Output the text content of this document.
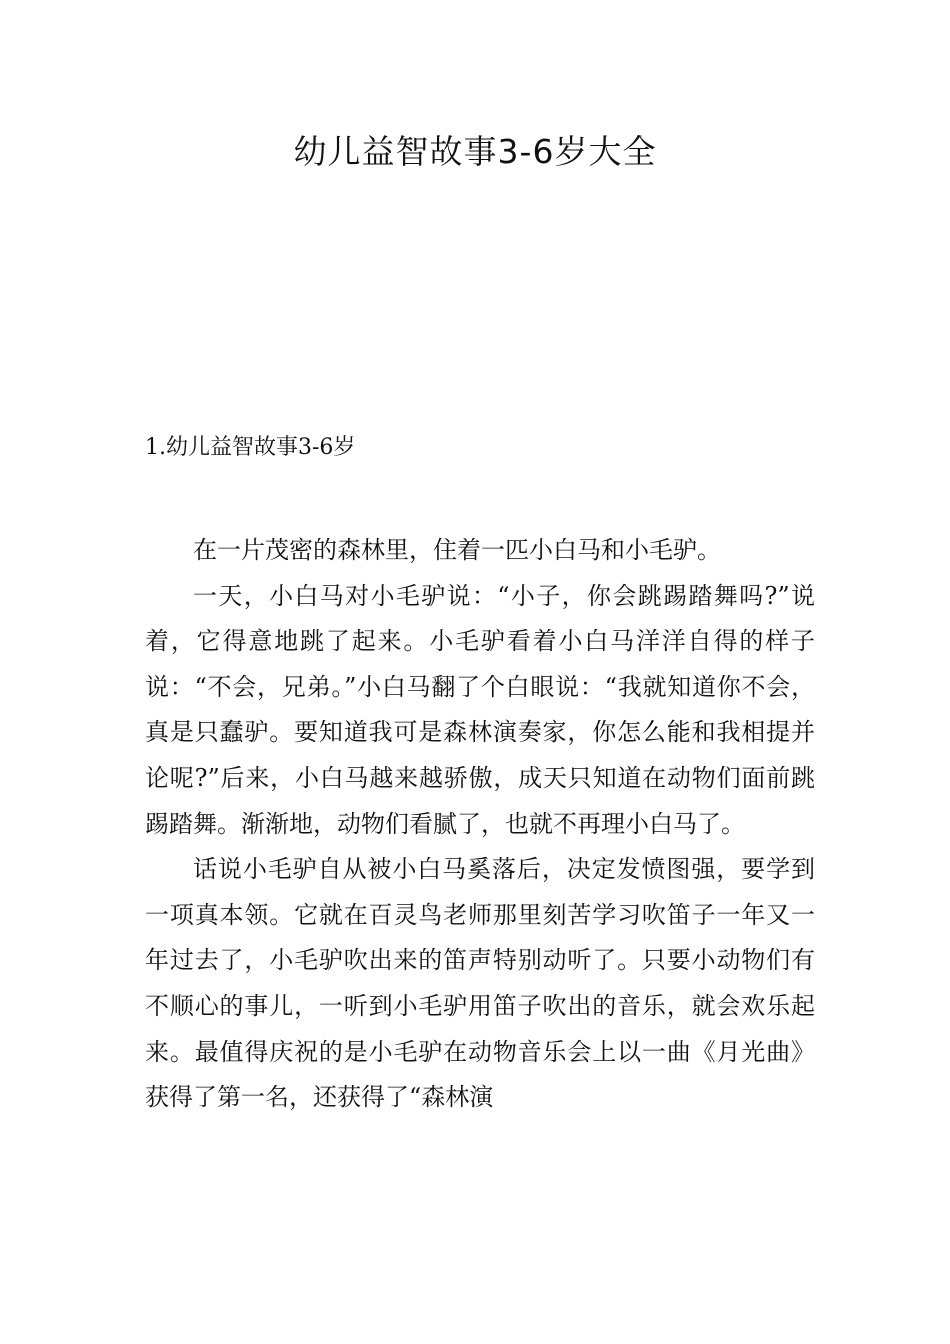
幼儿益智故事3-6岁大全
1.幼儿益智故事3-6岁

在一片茂密的森林里，住着一匹小白马和小毛驴。

一天，小白马对小毛驴说：“小子，你会跳踢踏舞吗?”说着，它得意地跳了起来。小毛驴看着小白马洋洋自得的样子说：“不会，兄弟。”小白马翻了个白眼说：“我就知道你不会，真是只蠢驴。要知道我可是森林演奏家，你怎么能和我相提并论呢?”后来，小白马越来越骄傲，成天只知道在动物们面前跳踢踏舞。渐渐地，动物们看腻了，也就不再理小白马了。

话说小毛驴自从被小白马奚落后，决定发愤图强，要学到一项真本领。它就在百灵鸟老师那里刻苦学习吹笛子一年又一年过去了，小毛驴吹出来的笛声特别动听了。只要小动物们有不顺心的事儿，一听到小毛驴用笛子吹出的音乐，就会欢乐起来。最值得庆祝的是小毛驴在动物音乐会上以一曲《月光曲》获得了第一名，还获得了“森林演
